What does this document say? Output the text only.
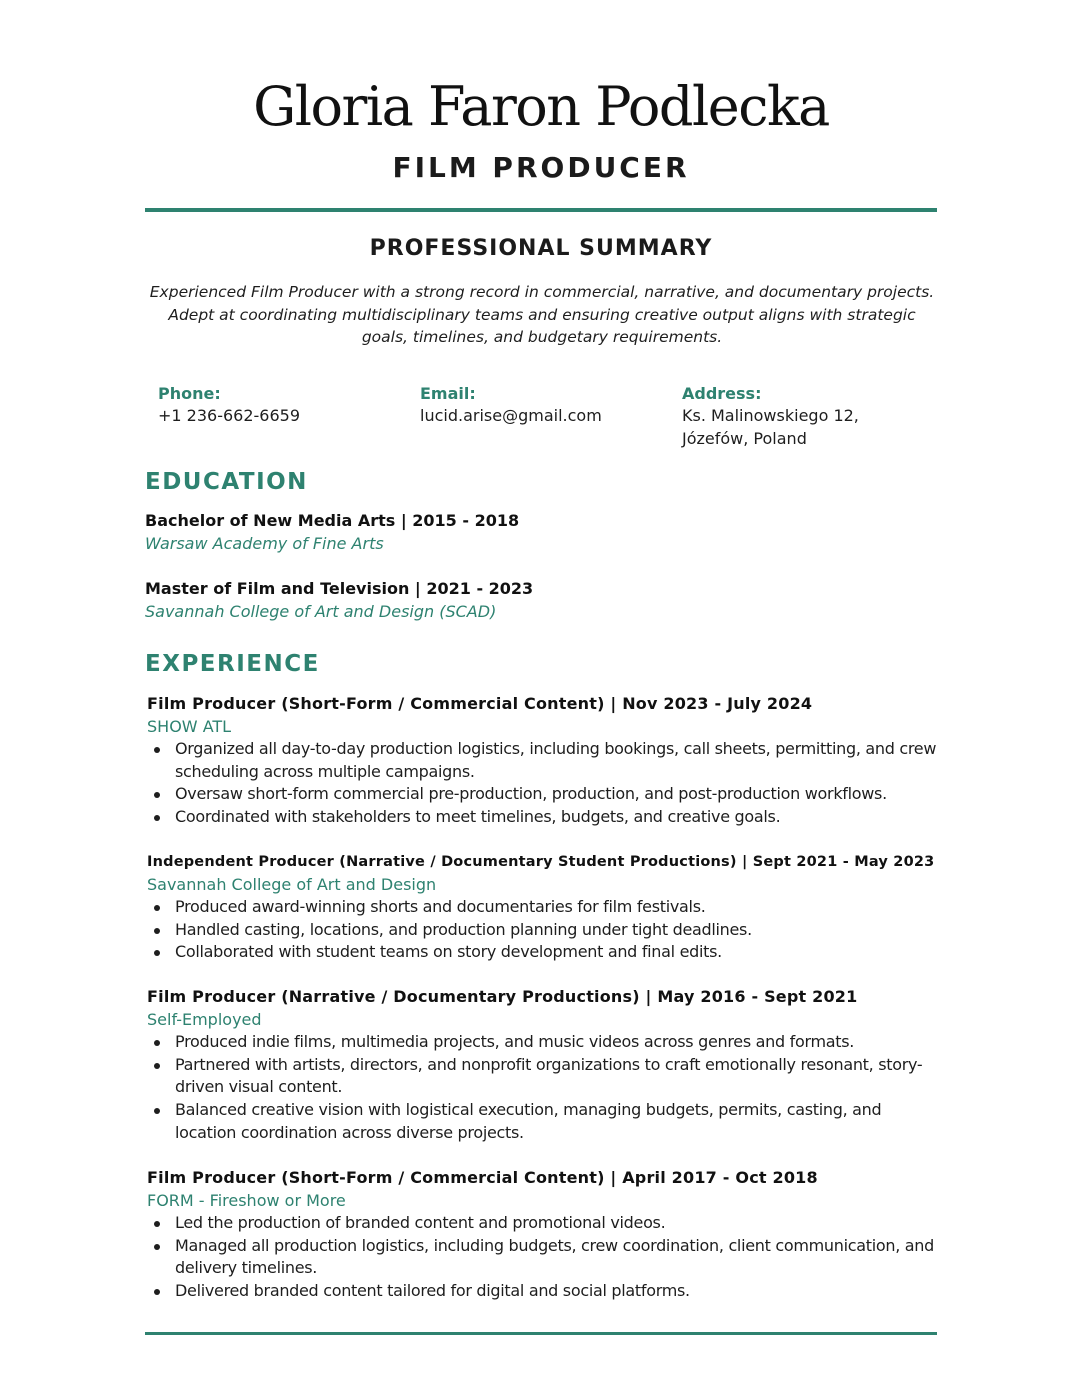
Gloria Faron Podlecka
FILM PRODUCER
PROFESSIONAL SUMMARY

Experienced Film Producer with a strong record in commercial, narrative, and documentary projects. Adept at coordinating multidisciplinary teams and ensuring creative output aligns with strategic goals, timelines, and budgetary requirements.

Phone:
+1 236-662-6659
Email:
lucid.arise@gmail.com
Address:
Ks. Malinowskiego 12,
Józefów, Poland
EDUCATION
Bachelor of New Media Arts | 2015 - 2018
Warsaw Academy of Fine Arts
Master of Film and Television | 2021 - 2023
Savannah College of Art and Design (SCAD)
EXPERIENCE
Film Producer (Short-Form / Commercial Content) | Nov 2023 - July 2024
SHOW ATL
Organized all day-to-day production logistics, including bookings, call sheets, permitting, and crew scheduling across multiple campaigns.
Oversaw short-form commercial pre-production, production, and post-production workflows.
Coordinated with stakeholders to meet timelines, budgets, and creative goals.
Independent Producer (Narrative / Documentary Student Productions) | Sept 2021 - May 2023
Savannah College of Art and Design
Produced award-winning shorts and documentaries for film festivals.
Handled casting, locations, and production planning under tight deadlines.
Collaborated with student teams on story development and final edits.
Film Producer (Narrative / Documentary Productions) | May 2016 - Sept 2021
Self-Employed
Produced indie films, multimedia projects, and music videos across genres and formats.
Partnered with artists, directors, and nonprofit organizations to craft emotionally resonant, story-driven visual content.
Balanced creative vision with logistical execution, managing budgets, permits, casting, and location coordination across diverse projects.
Film Producer (Short-Form / Commercial Content) | April 2017 - Oct 2018
FORM - Fireshow or More
Led the production of branded content and promotional videos.
Managed all production logistics, including budgets, crew coordination, client communication, and delivery timelines.
Delivered branded content tailored for digital and social platforms.
